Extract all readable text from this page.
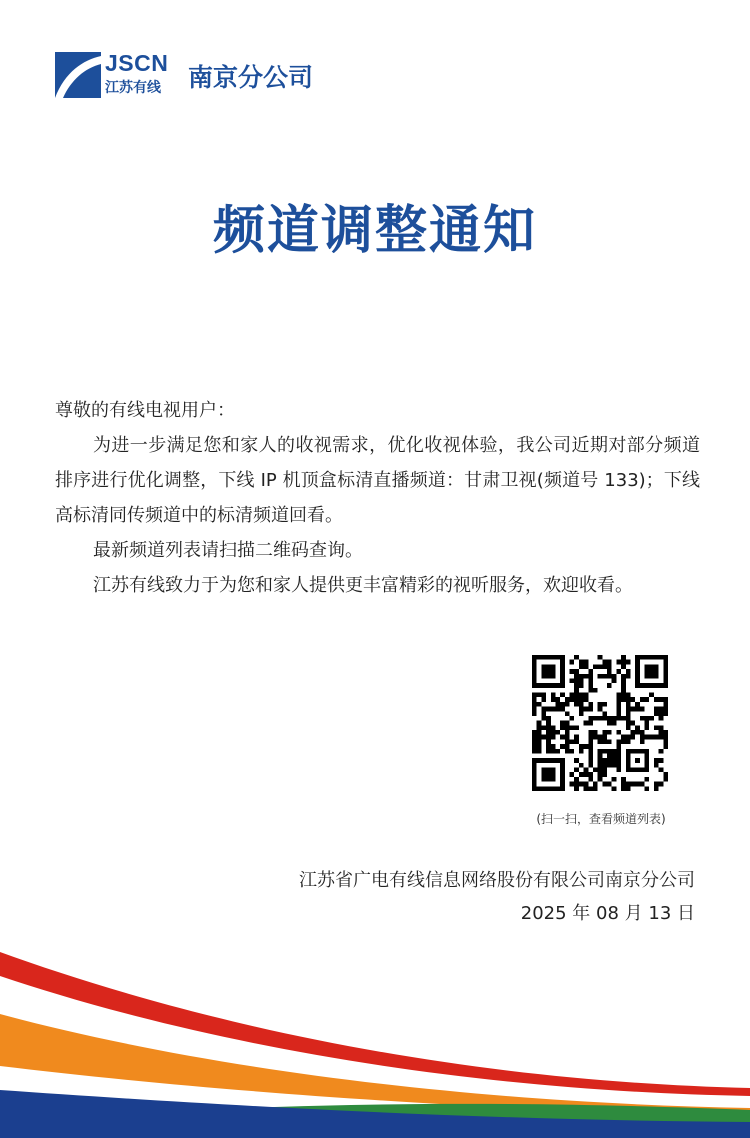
JSCN
江苏有线 南京分公司
频道调整通知

尊敬的有线电视用户：

为进一步满足您和家人的收视需求，优化收视体验，我公司近期对部分频道排序进行优化调整，下线 IP 机顶盒标清直播频道：甘肃卫视(频道号 133)；下线高标清同传频道中的标清频道回看。

最新频道列表请扫描二维码查询。

江苏有线致力于为您和家人提供更丰富精彩的视听服务，欢迎收看。

(扫一扫，查看频道列表)
江苏省广电有线信息网络股份有限公司南京分公司
2025 年 08 月 13 日
